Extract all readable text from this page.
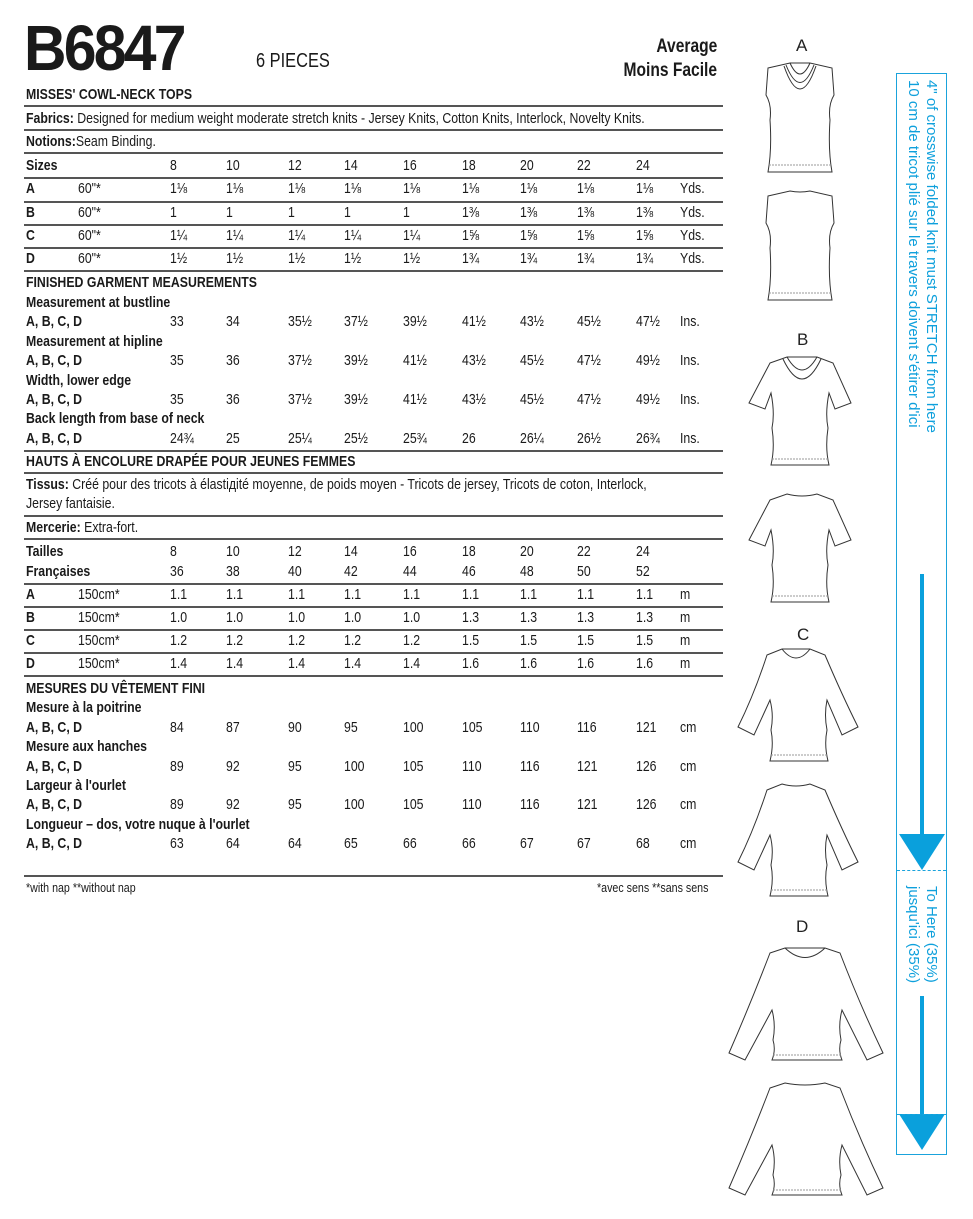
B6847	6 PIECES
Average
Moins Facile
MISSES' COWL-NECK TOPS
Fabrics: Designed for medium weight moderate stretch knits - Jersey Knits, Cotton Knits, Interlock, Novelty Knits.
Notions:Seam Binding.
Sizes	8	10	12	14	16	18	20	22	24
A	60"*	1⅛	1⅛	1⅛	1⅛	1⅛	1⅛	1⅛	1⅛	1⅛ Yds.
B	60"*	1	1	1	1	1	1⅜	1⅜	1⅜	1⅜ Yds.
C	60"*	1¼	1¼	1¼	1¼	1¼	1⅝	1⅝	1⅝	1⅝ Yds.
D	60"*	1½	1½	1½	1½	1½	1¾	1¾	1¾	1¾ Yds.
FINISHED GARMENT MEASUREMENTS
Measurement at bustline
A, B, C, D	33	34	35½ 37½ 39½ 41½ 43½ 45½ 47½ Ins.
Measurement at hipline
A, B, C, D	35	36	37½ 39½ 41½ 43½ 45½ 47½ 49½ Ins.
Width, lower edge
A, B, C, D	35	36	37½ 39½ 41½ 43½ 45½ 47½ 49½ Ins.
Back length from base of neck
A, B, C, D	24¾ 25	25¼ 25½ 25¾ 26	26¼ 26½ 26¾ Ins.
HAUTS À ENCOLURE DRAPÉE POUR JEUNES FEMMES
Tissus: Créé pour des tricots à élastiдité moyenne, de poids moyen - Tricots de jersey, Tricots de coton, Interlock,
Jersey fantaisie.
Mercerie: Extra-fort.
Tailles	8	10	12	14	16	18	20	22	24
Françaises	36	38	40	42	44	46	48	50	52
A	150cm*	1.1	1.1	1.1	1.1	1.1	1.1	1.1	1.1	1.1 m
B	150cm*	1.0	1.0	1.0	1.0	1.0	1.3	1.3	1.3	1.3 m
C	150cm*	1.2	1.2	1.2	1.2	1.2	1.5	1.5	1.5	1.5 m
D	150cm*	1.4	1.4	1.4	1.4	1.4	1.6	1.6	1.6	1.6 m
MESURES DU VÊTEMENT FINI
Mesure à la poitrine
A, B, C, D	84	87	90	95	100	105 110 116	121 cm
Mesure aux hanches
A, B, C, D	89	92	95	100	105	110	116 121	126 cm
Largeur à l'ourlet
A, B, C, D	89	92	95	100	105	110	116 121	126 cm
Longueur – dos, votre nuque à l'ourlet
A, B, C, D	63	64	64	65	66	66	67	67	68 cm
*with nap **without nap	*avec sens **sans sens
A
B
C
D
4" of crosswise folded knit must STRETCH from here
10 cm de tricot plié sur le travers doivent s'étirer d'ici
To Here (35%)
jusqu'ici (35%)
